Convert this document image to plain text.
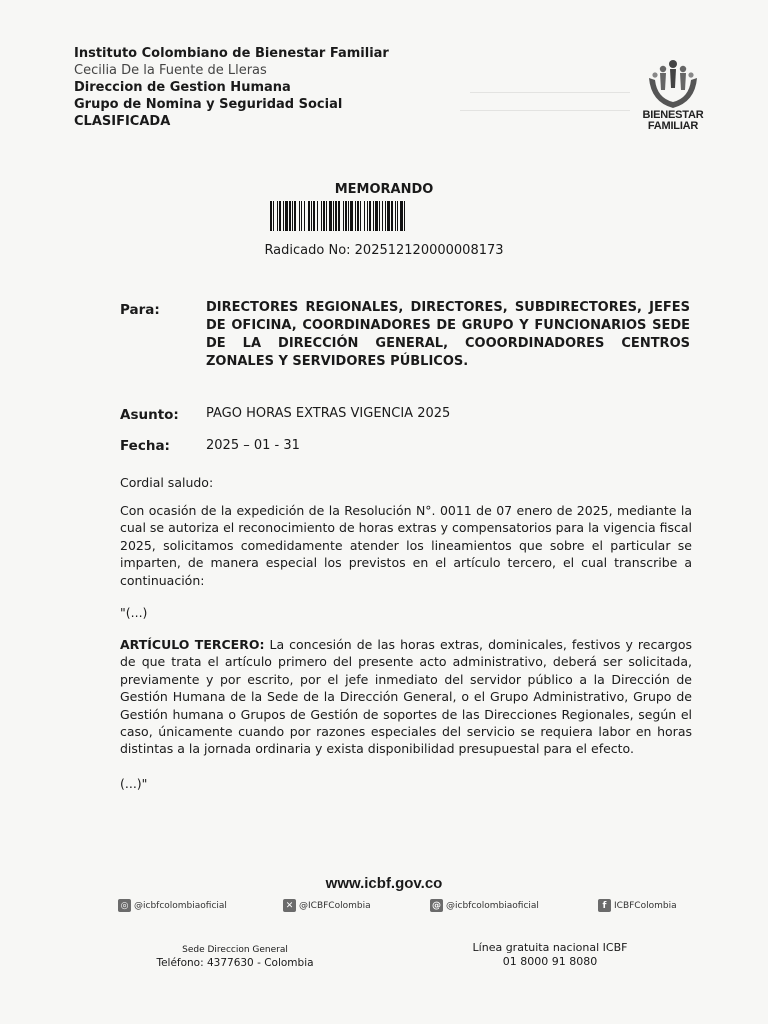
Instituto Colombiano de Bienestar Familiar
Cecilia De la Fuente de Lleras
Direccion de Gestion Humana
Grupo de Nomina y Seguridad Social
CLASIFICADA	BIENESTAR
FAMILIAR
MEMORANDO
Radicado No: 202512120000008173
Para:	DIRECTORES REGIONALES, DIRECTORES, SUBDIRECTORES, JEFES DE OFICINA, COORDINADORES DE GRUPO Y FUNCIONARIOS SEDE DE LA DIRECCIÓN GENERAL, COOORDINADORES CENTROS ZONALES Y SERVIDORES PÚBLICOS.
Asunto: PAGO HORAS EXTRAS VIGENCIA 2025
Fecha:	2025 – 01 - 31
Cordial saludo:
Con ocasión de la expedición de la Resolución N°. 0011 de 07 enero de 2025, mediante la cual se autoriza el reconocimiento de horas extras y compensatorios para la vigencia fiscal 2025, solicitamos comedidamente atender los lineamientos que sobre el particular se imparten, de manera especial los previstos en el artículo tercero, el cual transcribe a continuación:
"(...)
ARTÍCULO TERCERO: La concesión de las horas extras, dominicales, festivos y recargos de que trata el artículo primero del presente acto administrativo, deberá ser solicitada, previamente y por escrito, por el jefe inmediato del servidor público a la Dirección de Gestión Humana de la Sede de la Dirección General, o el Grupo Administrativo, Grupo de Gestión humana o Grupos de Gestión de soportes de las Direcciones Regionales, según el caso, únicamente cuando por razones especiales del servicio se requiera labor en horas distintas a la jornada ordinaria y exista disponibilidad presupuestal para el efecto.
(...)"
www.icbf.gov.co
◎ @icbfcolombiaoficial	✕ @ICBFColombia	@ @icbfcolombiaoficial	f ICBFColombia
Sede Direccion General
Teléfono: 4377630 - Colombia
Línea gratuita nacional ICBF
01 8000 91 8080
